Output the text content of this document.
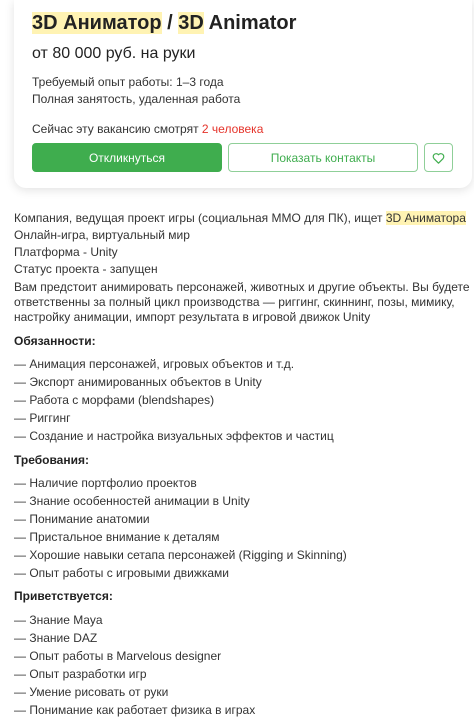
3D Аниматор / 3D Animator
от 80 000 руб. на руки
Требуемый опыт работы: 1–3 года
Полная занятость, удаленная работа
Сейчас эту вакансию смотрят 2 человека
Откликнуться	Показать контакты
Компания, ведущая проект игры (социальная ММО для ПК), ищет 3D Аниматора
Онлайн-игра, виртуальный мир
Платформа - Unity
Статус проекта - запущен
Вам предстоит анимировать персонажей, животных и другие объекты. Вы будете ответственны за полный цикл производства — риггинг, скиннинг, позы, мимику, настройку анимации, импорт результата в игровой движок Unity
Обязанности:
— Анимация персонажей, игровых объектов и т.д.
— Экспорт анимированных объектов в Unity
— Работа с морфами (blendshapes)
— Риггинг
— Создание и настройка визуальных эффектов и частиц
Требования:
— Наличие портфолио проектов
— Знание особенностей анимации в Unity
— Понимание анатомии
— Пристальное внимание к деталям
— Хорошие навыки сетапа персонажей (Rigging и Skinning)
— Опыт работы с игровыми движками
Приветствуется:
— Знание Maya
— Знание DAZ
— Опыт работы в Marvelous designer
— Опыт разработки игр
— Умение рисовать от руки
— Понимание как работает физика в играх
